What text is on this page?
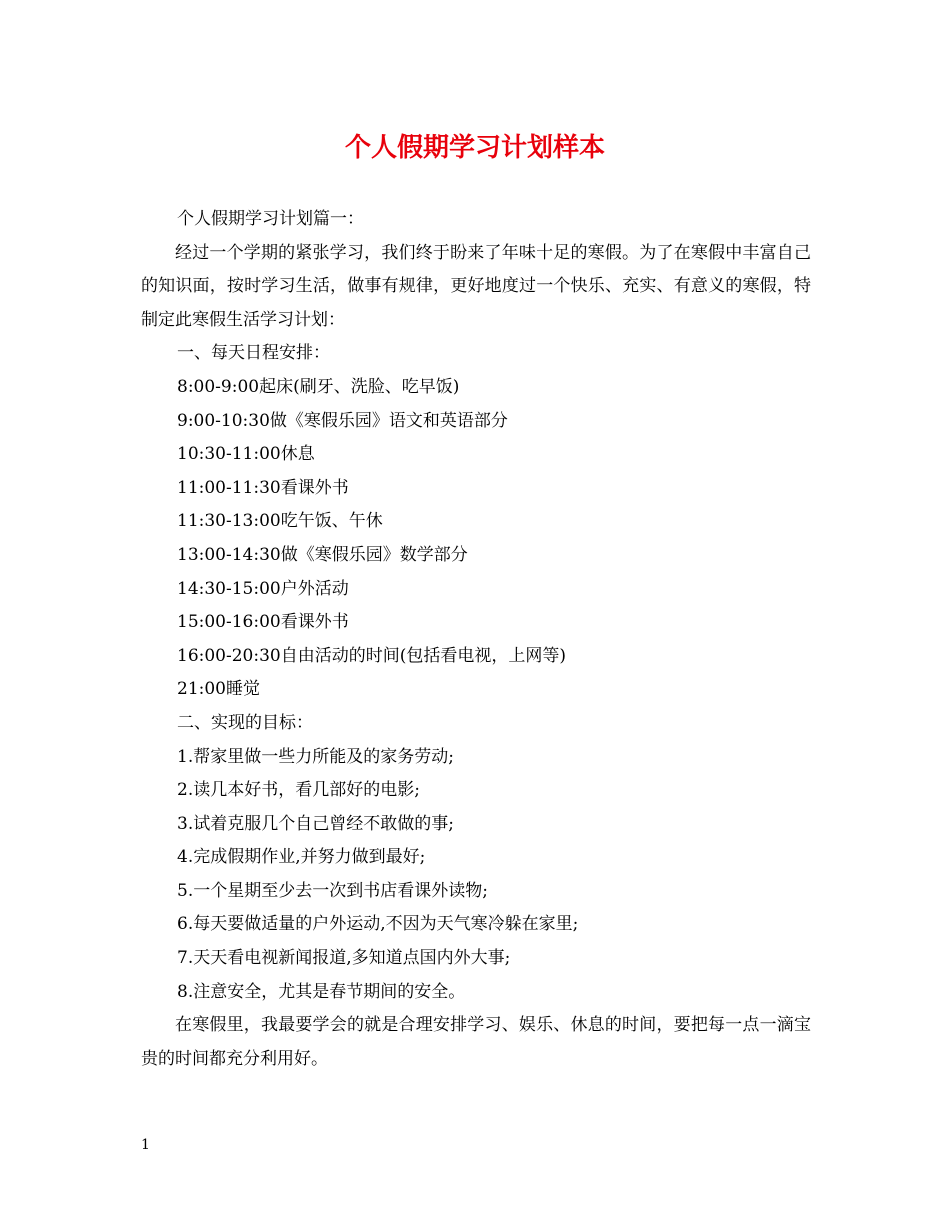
个人假期学习计划样本

个人假期学习计划篇一：

经过一个学期的紧张学习，我们终于盼来了年味十足的寒假。为了在寒假中丰富自己的知识面，按时学习生活，做事有规律，更好地度过一个快乐、充实、有意义的寒假，特制定此寒假生活学习计划：

一、每天日程安排：

8:00-9:00起床(刷牙、洗脸、吃早饭)

9:00-10:30做《寒假乐园》语文和英语部分

10:30-11:00休息

11:00-11:30看课外书

11:30-13:00吃午饭、午休

13:00-14:30做《寒假乐园》数学部分

14:30-15:00户外活动

15:00-16:00看课外书

16:00-20:30自由活动的时间(包括看电视，上网等)

21:00睡觉

二、实现的目标：

1.帮家里做一些力所能及的家务劳动;

2.读几本好书，看几部好的电影;

3.试着克服几个自己曾经不敢做的事;

4.完成假期作业,并努力做到最好;

5.一个星期至少去一次到书店看课外读物;

6.每天要做适量的户外运动,不因为天气寒冷躲在家里;

7.天天看电视新闻报道,多知道点国内外大事;

8.注意安全，尤其是春节期间的安全。

在寒假里，我最要学会的就是合理安排学习、娱乐、休息的时间，要把每一点一滴宝贵的时间都充分利用好。

1
